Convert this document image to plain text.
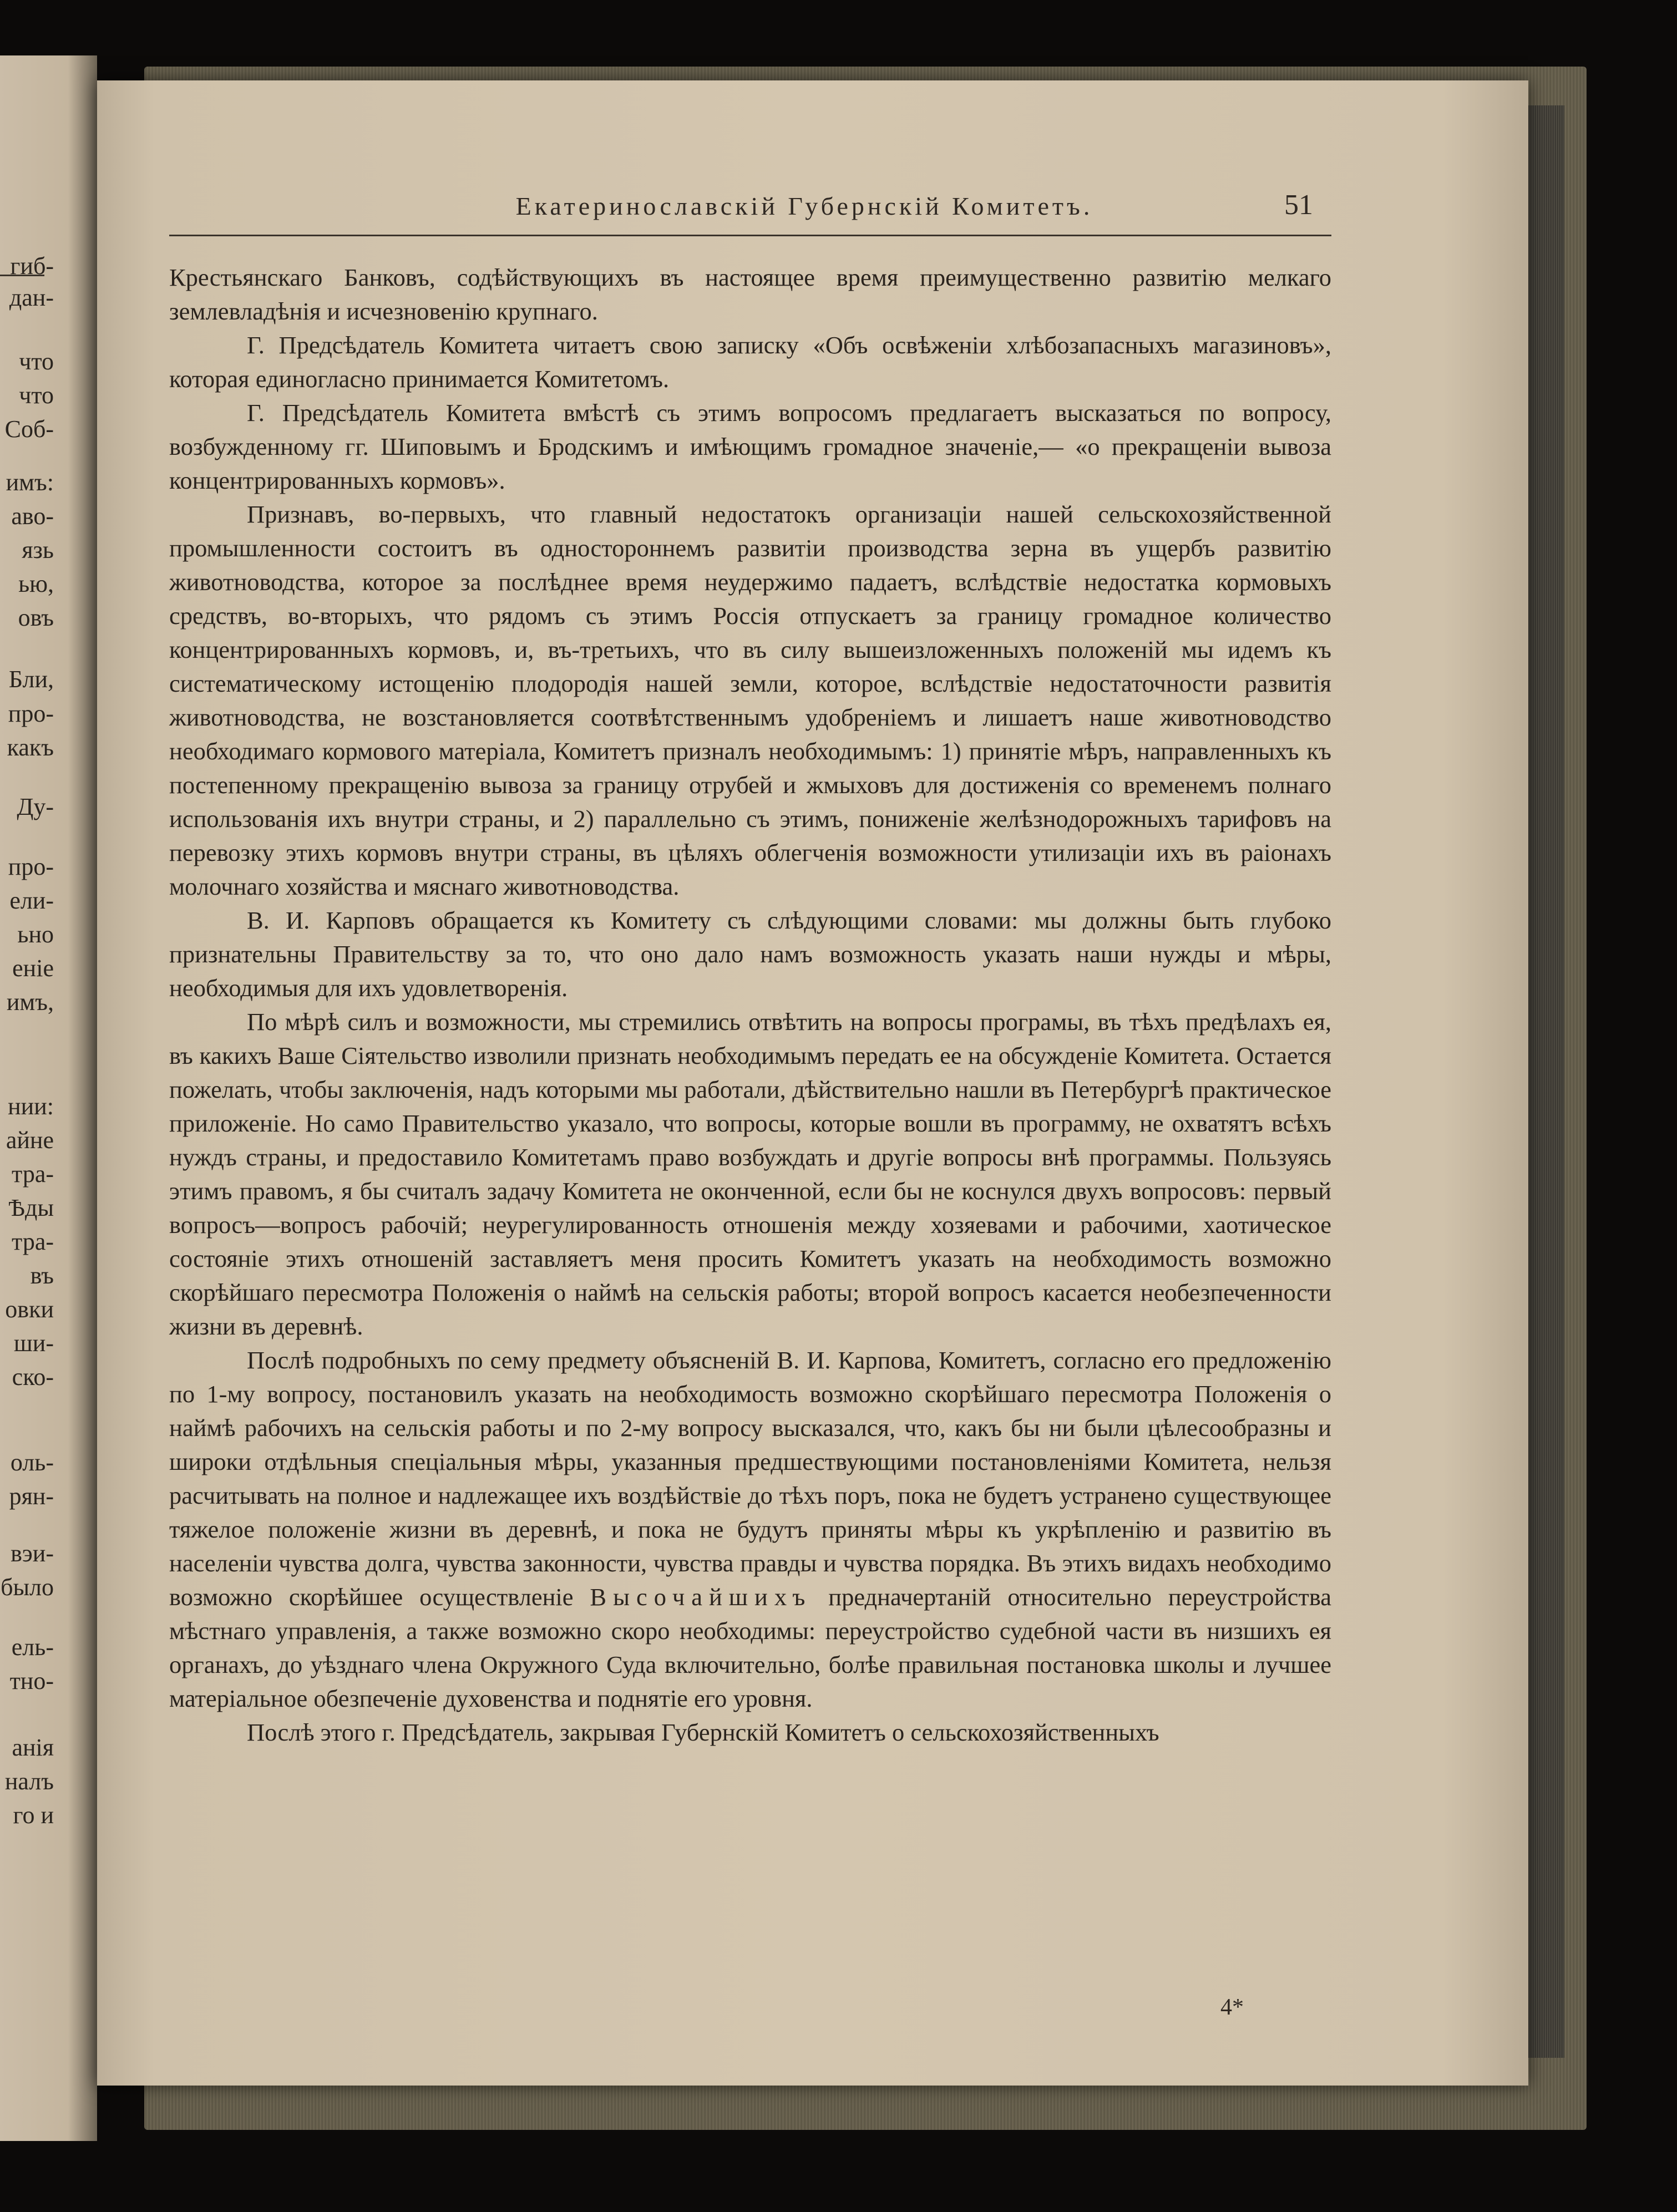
гиб-

дан-

что

что

Соб-

имъ:

аво-

язь

ью,

овъ

Бли,

про-

какъ

Ду-

про-

ели-

ьно

еніе

имъ,

нии:

айне

тра-

Ѣды

тра-

въ

овки

ши-

ско-

оль-

рян-

вэи-

было

ель-

тно-

анія

налъ

го и

Екатеринославскій Губернскій Комитетъ.	51

Крестьянскаго Банковъ, содѣйствующихъ въ настоящее время преимущественно развитію мелкаго землевладѣнія и исчезновенію крупнаго.

Г. Предсѣдатель Комитета читаетъ свою записку «Объ освѣженіи хлѣбозапасныхъ магазиновъ», которая единогласно принимается Комитетомъ.

Г. Предсѣдатель Комитета вмѣстѣ съ этимъ вопросомъ предлагаетъ высказаться по вопросу, возбужденному гг. Шиповымъ и Бродскимъ и имѣющимъ громадное значеніе,— «о прекращеніи вывоза концентрированныхъ кормовъ».

Признавъ, во-первыхъ, что главный недостатокъ организаціи нашей сельскохозяйственной промышленности состоитъ въ одностороннемъ развитіи производства зерна въ ущербъ развитію животноводства, которое за послѣднее время неудержимо падаетъ, вслѣдствіе недостатка кормовыхъ средствъ, во-вторыхъ, что рядомъ съ этимъ Россія отпускаетъ за границу громадное количество концентрированныхъ кормовъ, и, въ-третьихъ, что въ силу вышеизложенныхъ положеній мы идемъ къ систематическому истощенію плодородія нашей земли, которое, вслѣдствіе недостаточности развитія животноводства, не возстановляется соотвѣтственнымъ удобреніемъ и лишаетъ наше животноводство необходимаго кормового матеріала, Комитетъ призналъ необходимымъ: 1) принятіе мѣръ, направленныхъ къ постепенному прекращенію вывоза за границу отрубей и жмыховъ для достиженія со временемъ полнаго использованія ихъ внутри страны, и 2) параллельно съ этимъ, пониженіе желѣзнодорожныхъ тарифовъ на перевозку этихъ кормовъ внутри страны, въ цѣляхъ облегченія возможности утилизаціи ихъ въ раіонахъ молочнаго хозяйства и мяснаго животноводства.

В. И. Карповъ обращается къ Комитету съ слѣдующими словами: мы должны быть глубоко признательны Правительству за то, что оно дало намъ возможность указать наши нужды и мѣры, необходимыя для ихъ удовлетворенія.

По мѣрѣ силъ и возможности, мы стремились отвѣтить на вопросы програмы, въ тѣхъ предѣлахъ ея, въ какихъ Ваше Сіятельство изволили признать необходимымъ передать ее на обсужденіе Комитета. Остается пожелать, чтобы заключенія, надъ которыми мы работали, дѣйствительно нашли въ Петербургѣ практическое приложеніе. Но само Правительство указало, что вопросы, которые вошли въ программу, не охватятъ всѣхъ нуждъ страны, и предоставило Комитетамъ право возбуждать и другіе вопросы внѣ программы. Пользуясь этимъ правомъ, я бы считалъ задачу Комитета не оконченной, если бы не коснулся двухъ вопросовъ: первый вопросъ—вопросъ рабочій; неурегулированность отношенія между хозяевами и рабочими, хаотическое состояніе этихъ отношеній заставляетъ меня просить Комитетъ указать на необходимость возможно скорѣйшаго пересмотра Положенія о наймѣ на сельскія работы; второй вопросъ касается необезпеченности жизни въ деревнѣ.

Послѣ подробныхъ по сему предмету объясненій В. И. Карпова, Комитетъ, согласно его предложенію по 1-му вопросу, постановилъ указать на необходимость возможно скорѣйшаго пересмотра Положенія о наймѣ рабочихъ на сельскія работы и по 2-му вопросу высказался, что, какъ бы ни были цѣлесообразны и широки отдѣльныя спеціальныя мѣры, указанныя предшествующими постановленіями Комитета, нельзя расчитывать на полное и надлежащее ихъ воздѣйствіе до тѣхъ поръ, пока не будетъ устранено существующее тяжелое положеніе жизни въ деревнѣ, и пока не будутъ приняты мѣры къ укрѣпленію и развитію въ населеніи чувства долга, чувства законности, чувства правды и чувства порядка. Въ этихъ видахъ необходимо возможно скорѣйшее осуществленіе Высочайшихъ предначертаній относительно переустройства мѣстнаго управленія, а также возможно скоро необходимы: переустройство судебной части въ низшихъ ея органахъ, до уѣзднаго члена Окружного Суда включительно, болѣе правильная постановка школы и лучшее матеріальное обезпеченіе духовенства и поднятіе его уровня.

Послѣ этого г. Предсѣдатель, закрывая Губернскій Комитетъ о сельскохозяйственныхъ

4*
